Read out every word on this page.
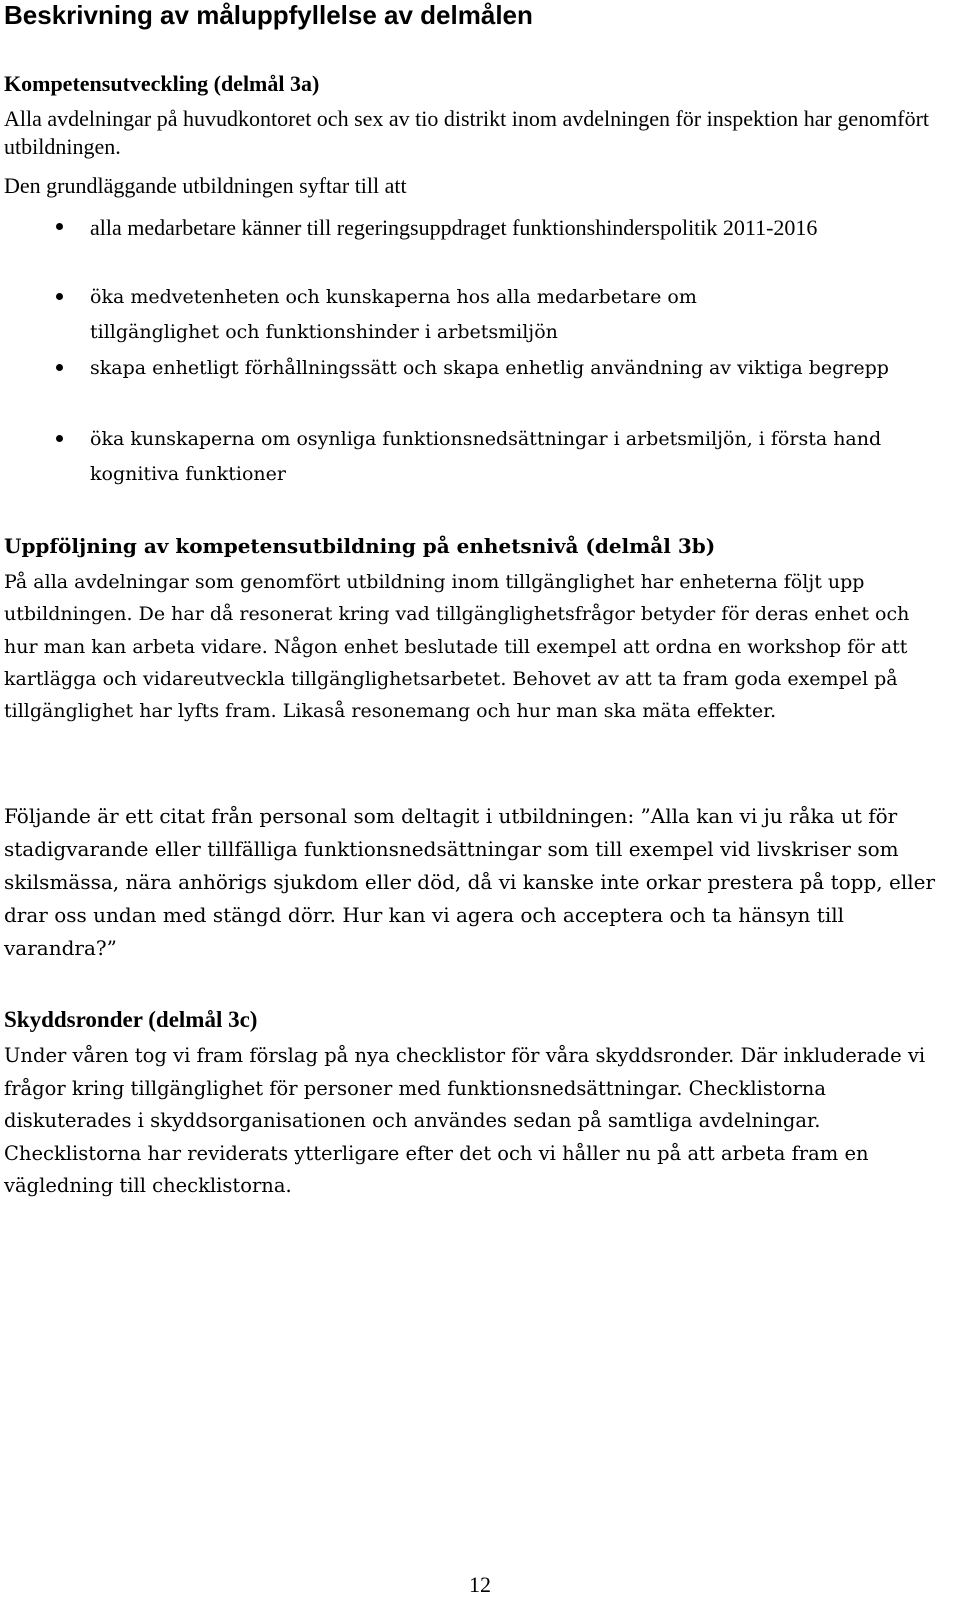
Beskrivning av måluppfyllelse av delmålen
Kompetensutveckling (delmål 3a)

Alla avdelningar på huvudkontoret och sex av tio distrikt inom avdelningen för inspektion har genomfört utbildningen.

Den grundläggande utbildningen syftar till att

alla medarbetare känner till regeringsuppdraget funktionshinderspolitik 2011-2016
öka medvetenheten och kunskaperna hos alla medarbetare om tillgänglighet och funktionshinder i arbetsmiljön
skapa enhetligt förhållningssätt och skapa enhetlig användning av viktiga begrepp
öka kunskaperna om osynliga funktionsnedsättningar i arbetsmiljön, i första hand kognitiva funktioner
Uppföljning av kompetensutbildning på enhetsnivå (delmål 3b)

På alla avdelningar som genomfört utbildning inom tillgänglighet har enheterna följt upp utbildningen. De har då resonerat kring vad tillgänglighetsfrågor betyder för deras enhet och hur man kan arbeta vidare. Någon enhet beslutade till exempel att ordna en workshop för att kartlägga och vidareutveckla tillgänglighetsarbetet. Behovet av att ta fram goda exempel på tillgänglighet har lyfts fram. Likaså resonemang och hur man ska mäta effekter.

Följande är ett citat från personal som deltagit i utbildningen: ”Alla kan vi ju råka ut för stadigvarande eller tillfälliga funktionsnedsättningar som till exempel vid livskriser som skilsmässa, nära anhörigs sjukdom eller död, då vi kanske inte orkar prestera på topp, eller drar oss undan med stängd dörr. Hur kan vi agera och acceptera och ta hänsyn till varandra?”

Skyddsronder (delmål 3c)

Under våren tog vi fram förslag på nya checklistor för våra skyddsronder. Där inkluderade vi frågor kring tillgänglighet för personer med funktionsnedsättningar. Checklistorna diskuterades i skyddsorganisationen och användes sedan på samtliga avdelningar. Checklistorna har reviderats ytterligare efter det och vi håller nu på att arbeta fram en vägledning till checklistorna.

12
